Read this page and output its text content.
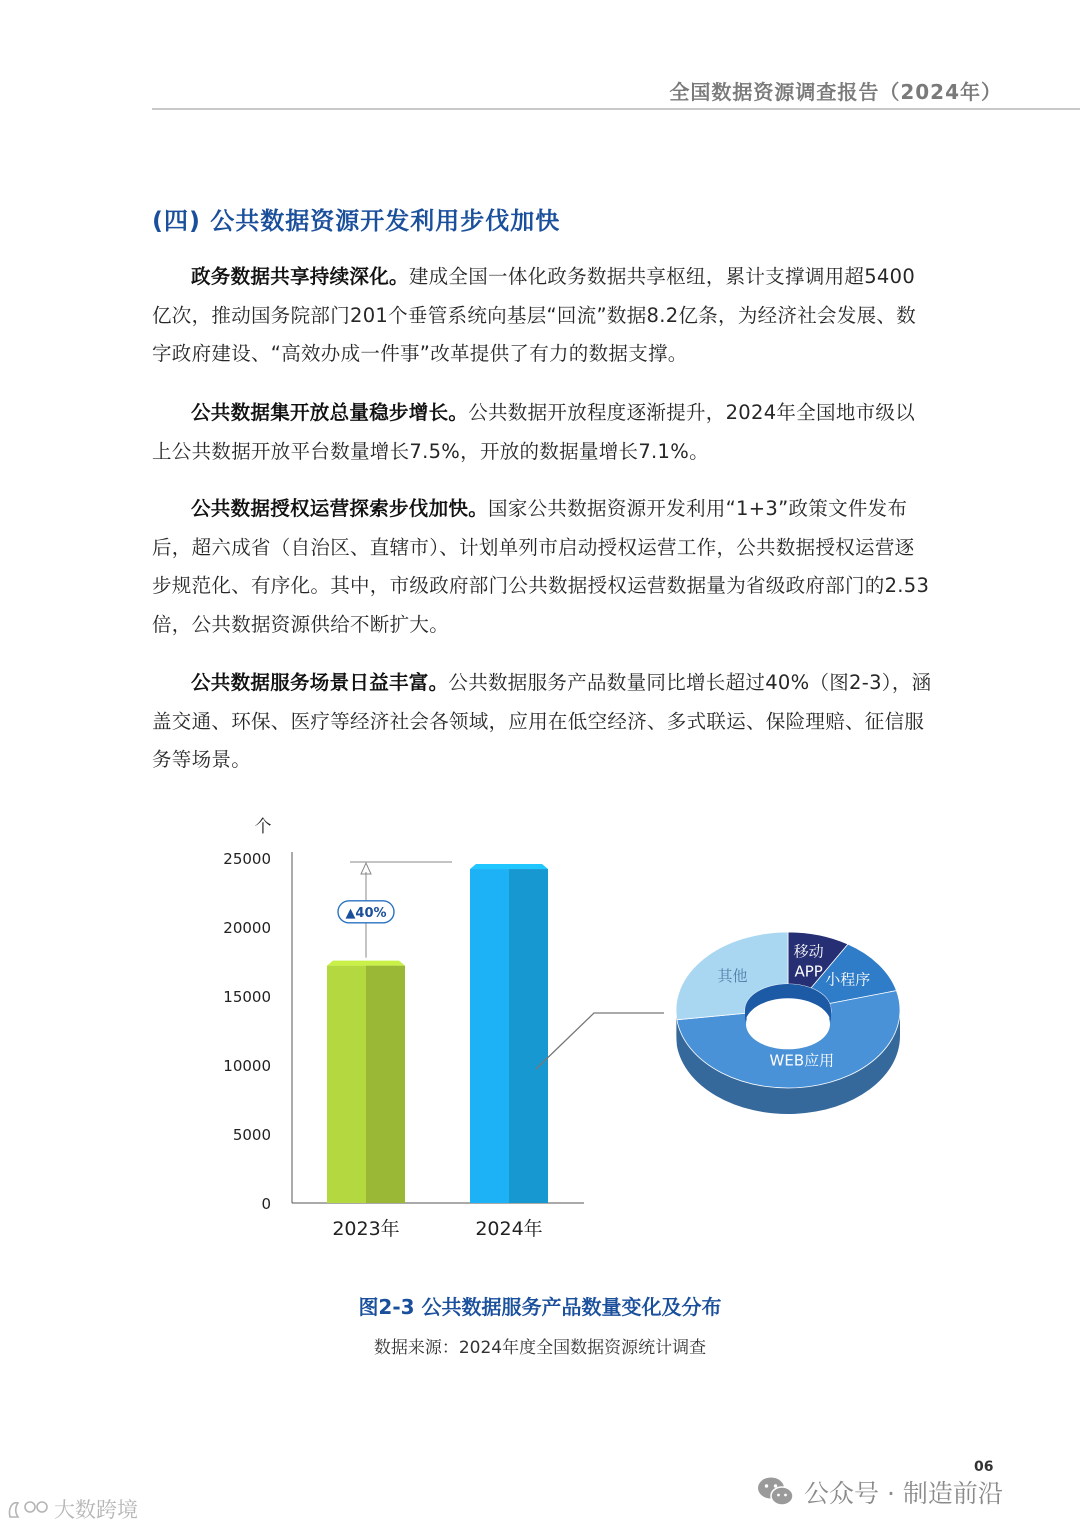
全国数据资源调查报告（2024年）
(四) 公共数据资源开发利用步伐加快

政务数据共享持续深化。建成全国一体化政务数据共享枢纽，累计支撑调用超5400亿次，推动国务院部门201个垂管系统向基层“回流”数据8.2亿条，为经济社会发展、数字政府建设、“高效办成一件事”改革提供了有力的数据支撑。

公共数据集开放总量稳步增长。公共数据开放程度逐渐提升，2024年全国地市级以上公共数据开放平台数量增长7.5%，开放的数据量增长7.1%。

公共数据授权运营探索步伐加快。国家公共数据资源开发利用“1+3”政策文件发布后，超六成省（自治区、直辖市）、计划单列市启动授权运营工作，公共数据授权运营逐步规范化、有序化。其中，市级政府部门公共数据授权运营数据量为省级政府部门的2.53倍，公共数据资源供给不断扩大。

公共数据服务场景日益丰富。公共数据服务产品数量同比增长超过40%（图2-3），涵盖交通、环保、医疗等经济社会各领域，应用在低空经济、多式联运、保险理赔、征信服务等场景。

个
0
5000
10000
15000
20000
25000
2023年	2024年
▲40%
移动
APP 小程序
WEB应用
其他
图2-3 公共数据服务产品数量变化及分布
数据来源：2024年度全国数据资源统计调查
06
公众号 · 制造前沿
大数跨境
